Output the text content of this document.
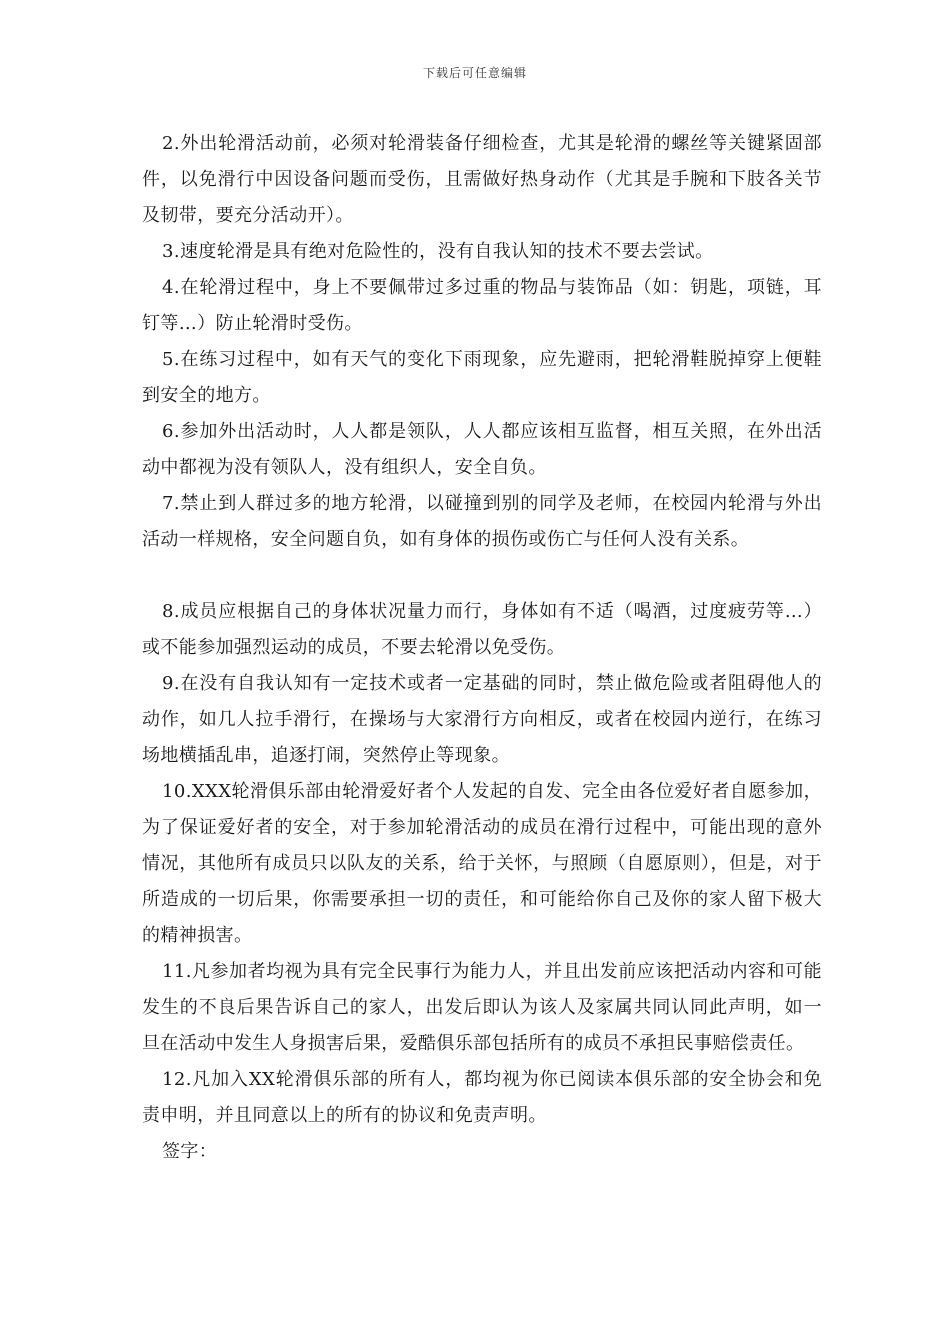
下载后可任意编辑

2.外出轮滑活动前，必须对轮滑装备仔细检查，尤其是轮滑的螺丝等关键紧固部件，以免滑行中因设备问题而受伤，且需做好热身动作（尤其是手腕和下肢各关节及韧带，要充分活动开）。

3.速度轮滑是具有绝对危险性的，没有自我认知的技术不要去尝试。

4.在轮滑过程中，身上不要佩带过多过重的物品与装饰品（如：钥匙，项链，耳钉等…）防止轮滑时受伤。

5.在练习过程中，如有天气的变化下雨现象，应先避雨，把轮滑鞋脱掉穿上便鞋到安全的地方。

6.参加外出活动时，人人都是领队，人人都应该相互监督，相互关照，在外出活动中都视为没有领队人，没有组织人，安全自负。

7.禁止到人群过多的地方轮滑，以碰撞到别的同学及老师，在校园内轮滑与外出活动一样规格，安全问题自负，如有身体的损伤或伤亡与任何人没有关系。

8.成员应根据自己的身体状况量力而行，身体如有不适（喝酒，过度疲劳等…）或不能参加强烈运动的成员，不要去轮滑以免受伤。

9.在没有自我认知有一定技术或者一定基础的同时，禁止做危险或者阻碍他人的动作，如几人拉手滑行，在操场与大家滑行方向相反，或者在校园内逆行，在练习场地横插乱串，追逐打闹，突然停止等现象。

10.XXX轮滑俱乐部由轮滑爱好者个人发起的自发、完全由各位爱好者自愿参加，为了保证爱好者的安全，对于参加轮滑活动的成员在滑行过程中，可能出现的意外情况，其他所有成员只以队友的关系，给于关怀，与照顾（自愿原则），但是，对于所造成的一切后果，你需要承担一切的责任，和可能给你自己及你的家人留下极大的精神损害。

11.凡参加者均视为具有完全民事行为能力人，并且出发前应该把活动内容和可能发生的不良后果告诉自己的家人，出发后即认为该人及家属共同认同此声明，如一旦在活动中发生人身损害后果，爱酷俱乐部包括所有的成员不承担民事赔偿责任。

12.凡加入XX轮滑俱乐部的所有人，都均视为你已阅读本俱乐部的安全协会和免责申明，并且同意以上的所有的协议和免责声明。

签字：
